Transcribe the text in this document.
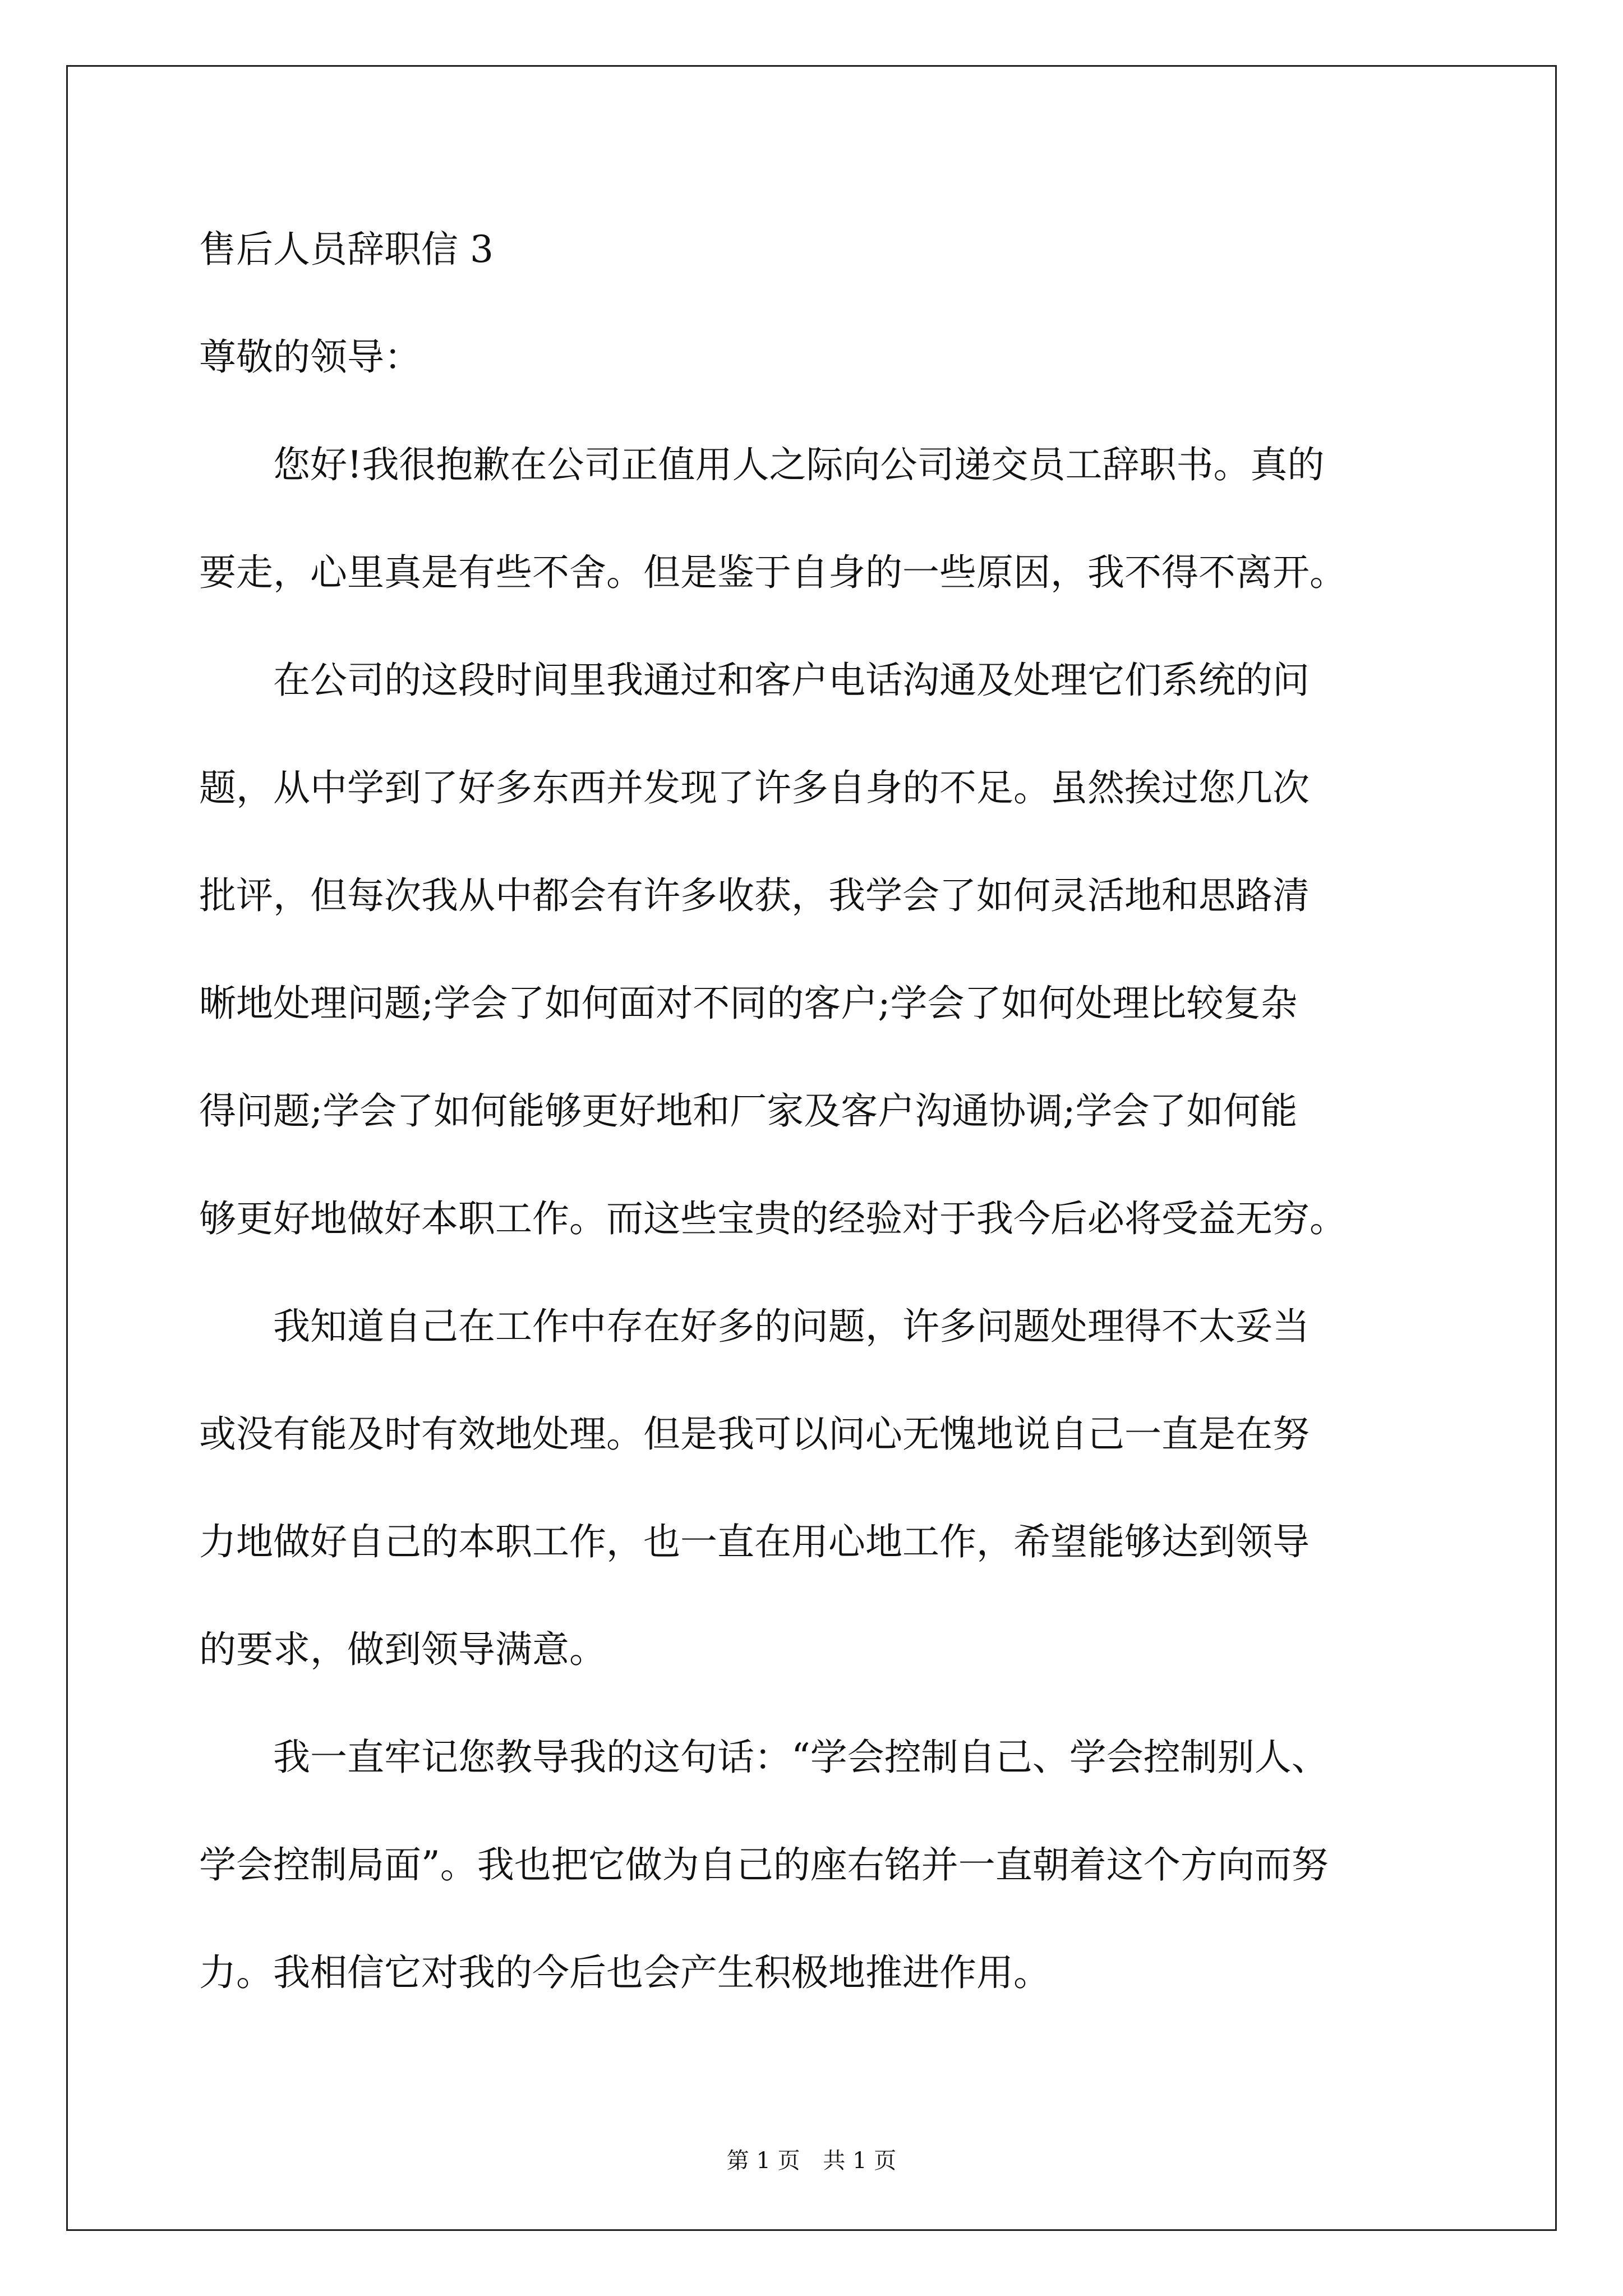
售后人员辞职信 3
尊敬的领导：
　　您好!我很抱歉在公司正值用人之际向公司递交员工辞职书。真的
要走，心里真是有些不舍。但是鉴于自身的一些原因，我不得不离开。
　　在公司的这段时间里我通过和客户电话沟通及处理它们系统的问
题，从中学到了好多东西并发现了许多自身的不足。虽然挨过您几次
批评，但每次我从中都会有许多收获，我学会了如何灵活地和思路清
晰地处理问题;学会了如何面对不同的客户;学会了如何处理比较复杂
得问题;学会了如何能够更好地和厂家及客户沟通协调;学会了如何能
够更好地做好本职工作。而这些宝贵的经验对于我今后必将受益无穷。
　　我知道自己在工作中存在好多的问题，许多问题处理得不太妥当
或没有能及时有效地处理。但是我可以问心无愧地说自己一直是在努
力地做好自己的本职工作，也一直在用心地工作，希望能够达到领导
的要求，做到领导满意。
　　我一直牢记您教导我的这句话：“学会控制自己、学会控制别人、
学会控制局面”。我也把它做为自己的座右铭并一直朝着这个方向而努
力。我相信它对我的今后也会产生积极地推进作用。
第 1 页 共 1 页
